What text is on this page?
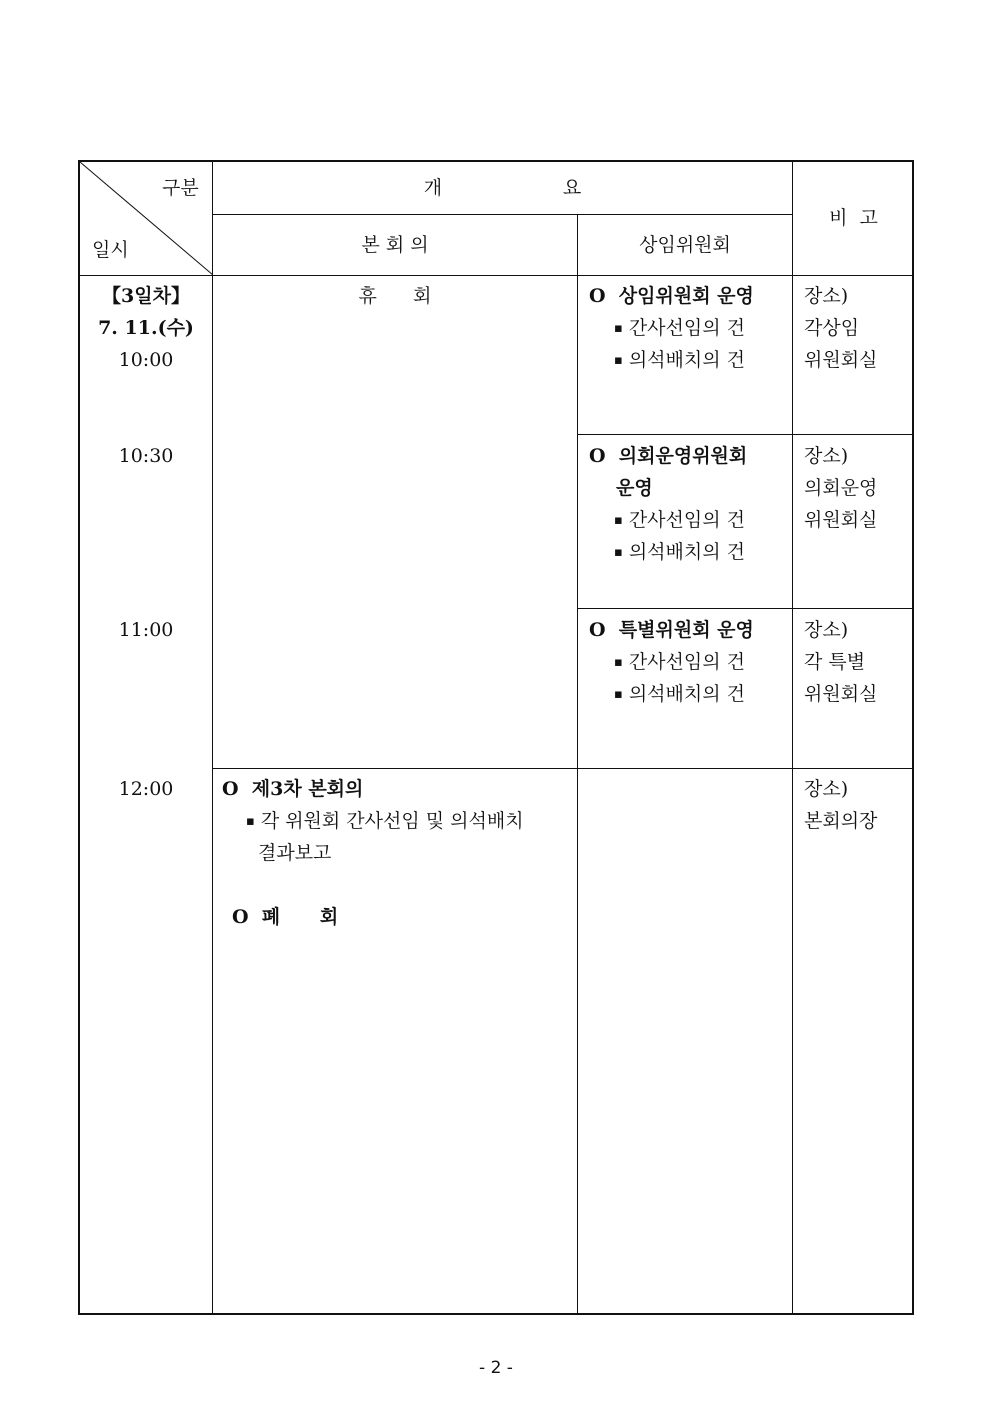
구분
일시
개                    요
본 회 의	상임위원회
비  고
【3일차】
7. 11.(수)
10:00
10:30
11:00
12:00
휴      회
O  제3차 본회의
▪ 각 위원회 간사선임 및 의석배치
결과보고
O  폐      회
O  상임위원회 운영
▪ 간사선임의 건
▪ 의석배치의 건
O  의회운영위원회
운영
▪ 간사선임의 건
▪ 의석배치의 건
O  특별위원회 운영
▪ 간사선임의 건
▪ 의석배치의 건
장소)
각상임
위원회실
장소)
의회운영
위원회실
장소)
각 특별
위원회실
장소)
본회의장
- 2 -
